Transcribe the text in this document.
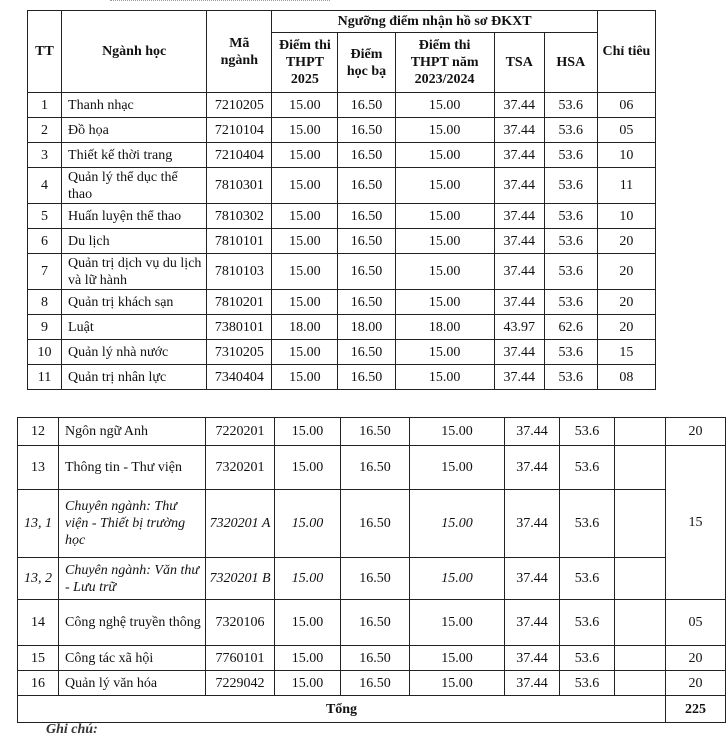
TT	Ngành học	Mã ngành	Ngưỡng điểm nhận hồ sơ ĐKXT					Chỉ tiêu
			Điểm thi THPT 2025	Điểm học bạ	Điểm thi THPT năm 2023/2024	TSA	HSA	
1	Thanh nhạc	7210205	15.00	16.50	15.00	37.44	53.6	06
2	Đồ họa	7210104	15.00	16.50	15.00	37.44	53.6	05
3	Thiết kế thời trang	7210404	15.00	16.50	15.00	37.44	53.6	10
4	Quản lý thể dục thể thao	7810301	15.00	16.50	15.00	37.44	53.6	11
5	Huấn luyện thể thao	7810302	15.00	16.50	15.00	37.44	53.6	10
6	Du lịch	7810101	15.00	16.50	15.00	37.44	53.6	20
7	Quản trị dịch vụ du lịch và lữ hành	7810103	15.00	16.50	15.00	37.44	53.6	20
8	Quản trị khách sạn	7810201	15.00	16.50	15.00	37.44	53.6	20
9	Luật	7380101	18.00	18.00	18.00	43.97	62.6	20
10	Quản lý nhà nước	7310205	15.00	16.50	15.00	37.44	53.6	15
11	Quản trị nhân lực	7340404	15.00	16.50	15.00	37.44	53.6	08
12	Ngôn ngữ Anh	7220201	15.00	16.50	15.00	37.44	53.6		20
13	Thông tin - Thư viện	7320201	15.00	16.50	15.00	37.44	53.6		15
13, 1	Chuyên ngành: Thư viện - Thiết bị trường học	7320201 A	15.00	16.50	15.00	37.44	53.6		
13, 2	Chuyên ngành: Văn thư - Lưu trữ	7320201 B	15.00	16.50	15.00	37.44	53.6		
14	Công nghệ truyền thông	7320106	15.00	16.50	15.00	37.44	53.6		05
15	Công tác xã hội	7760101	15.00	16.50	15.00	37.44	53.6		20
16	Quản lý văn hóa	7229042	15.00	16.50	15.00	37.44	53.6		20
Tổng									225
Ghi chú:
